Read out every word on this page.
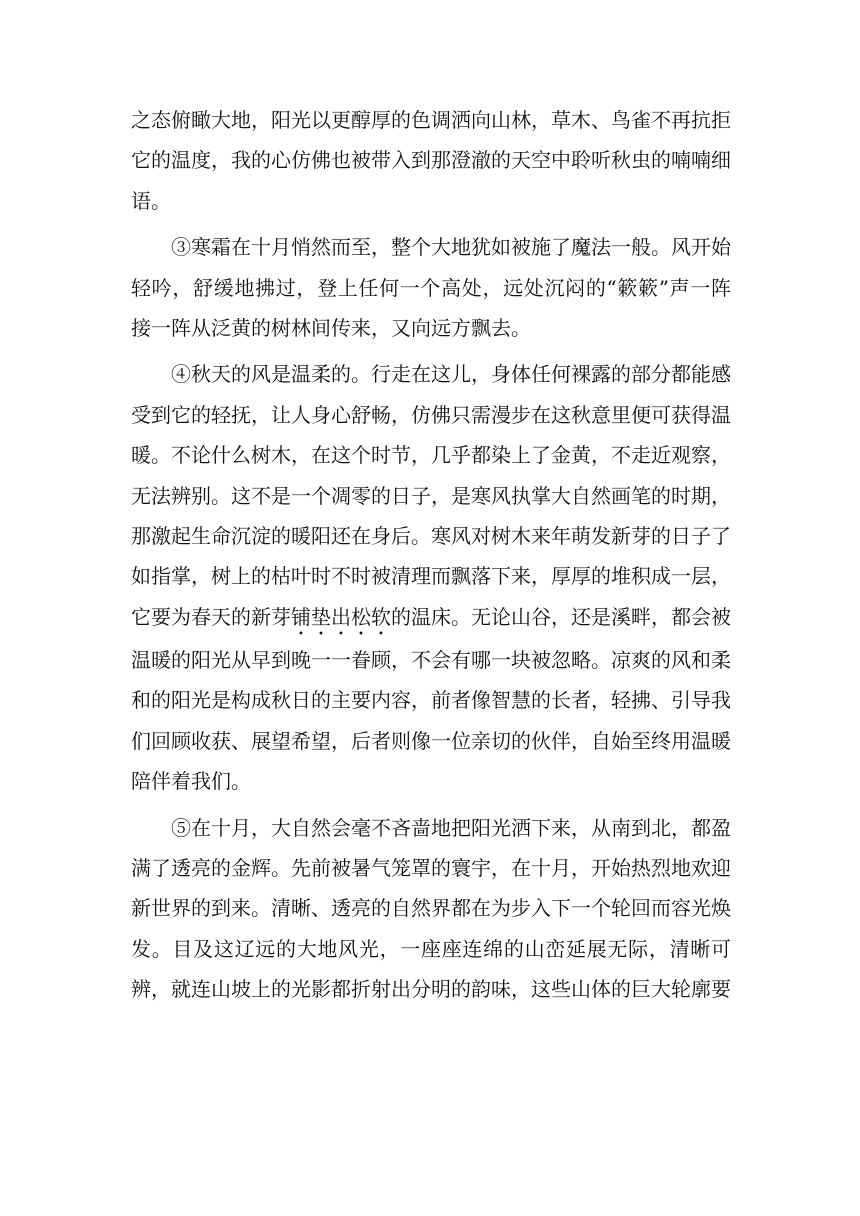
之态俯瞰大地，阳光以更醇厚的色调洒向山林，草木、鸟雀不再抗拒它的温度，我的心仿佛也被带入到那澄澈的天空中聆听秋虫的喃喃细语。

③寒霜在十月悄然而至，整个大地犹如被施了魔法一般。风开始轻吟，舒缓地拂过，登上任何一个高处，远处沉闷的“簌簌”声一阵接一阵从泛黄的树林间传来，又向远方飘去。

④秋天的风是温柔的。行走在这儿，身体任何裸露的部分都能感受到它的轻抚，让人身心舒畅，仿佛只需漫步在这秋意里便可获得温暖。不论什么树木，在这个时节，几乎都染上了金黄，不走近观察，无法辨别。这不是一个凋零的日子，是寒风执掌大自然画笔的时期，那激起生命沉淀的暖阳还在身后。寒风对树木来年萌发新芽的日子了如指掌，树上的枯叶时不时被清理而飘落下来，厚厚的堆积成一层，它要为春天的新芽铺垫出松软的温床。无论山谷，还是溪畔，都会被温暖的阳光从早到晚一一眷顾，不会有哪一块被忽略。凉爽的风和柔和的阳光是构成秋日的主要内容，前者像智慧的长者，轻拂、引导我们回顾收获、展望希望，后者则像一位亲切的伙伴，自始至终用温暖陪伴着我们。

⑤在十月，大自然会毫不吝啬地把阳光洒下来，从南到北，都盈满了透亮的金辉。先前被暑气笼罩的寰宇，在十月，开始热烈地欢迎新世界的到来。清晰、透亮的自然界都在为步入下一个轮回而容光焕发。目及这辽远的大地风光，一座座连绵的山峦延展无际，清晰可辨，就连山坡上的光影都折射出分明的韵味，这些山体的巨大轮廓要
